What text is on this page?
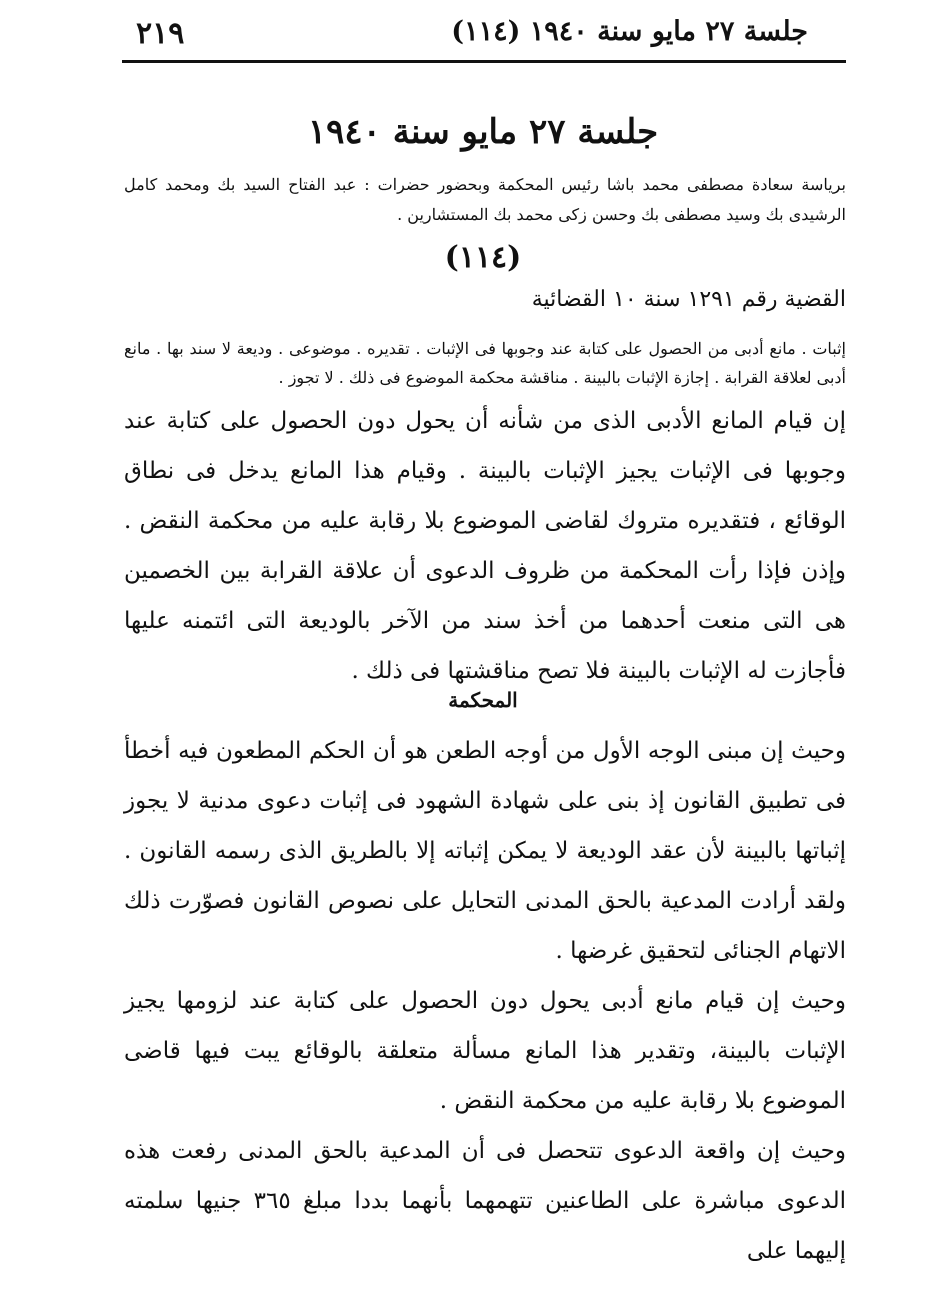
٢١٩	جلسة ٢٧ مايو سنة ١٩٤٠ (١١٤)
جلسة ٢٧ مايو سنة ١٩٤٠
برياسة سعادة مصطفى محمد باشا رئيس المحكمة وبحضور حضرات : عبد الفتاح السيد بك ومحمد كامل الرشيدى بك وسيد مصطفى بك وحسن زكى محمد بك المستشارين .
(١١٤)
القضية رقم ١٢٩١ سنة ١٠ القضائية
إثبات . مانع أدبى من الحصول على كتابة عند وجوبها فى الإثبات . تقديره . موضوعى . وديعة لا سند بها . مانع أدبى لعلاقة القرابة . إجازة الإثبات بالبينة . مناقشة محكمة الموضوع فى ذلك . لا تجوز .
إن قيام المانع الأدبى الذى من شأنه أن يحول دون الحصول على كتابة عند وجوبها فى الإثبات يجيز الإثبات بالبينة . وقيام هذا المانع يدخل فى نطاق الوقائع ، فتقديره متروك لقاضى الموضوع بلا رقابة عليه من محكمة النقض . وإذن فإذا رأت المحكمة من ظروف الدعوى أن علاقة القرابة بين الخصمين هى التى منعت أحدهما من أخذ سند من الآخر بالوديعة التى ائتمنه عليها فأجازت له الإثبات بالبينة فلا تصح مناقشتها فى ذلك .
المحكمة
وحيث إن مبنى الوجه الأول من أوجه الطعن هو أن الحكم المطعون فيه أخطأ فى تطبيق القانون إذ بنى على شهادة الشهود فى إثبات دعوى مدنية لا يجوز إثباتها بالبينة لأن عقد الوديعة لا يمكن إثباته إلا بالطريق الذى رسمه القانون . ولقد أرادت المدعية بالحق المدنى التحايل على نصوص القانون فصوّرت ذلك الاتهام الجنائى لتحقيق غرضها .
وحيث إن قيام مانع أدبى يحول دون الحصول على كتابة عند لزومها يجيز الإثبات بالبينة، وتقدير هذا المانع مسألة متعلقة بالوقائع يبت فيها قاضى الموضوع بلا رقابة عليه من محكمة النقض .
وحيث إن واقعة الدعوى تتحصل فى أن المدعية بالحق المدنى رفعت هذه الدعوى مباشرة على الطاعنين تتهمهما بأنهما بددا مبلغ ٣٦٥ جنيها سلمته إليهما على
